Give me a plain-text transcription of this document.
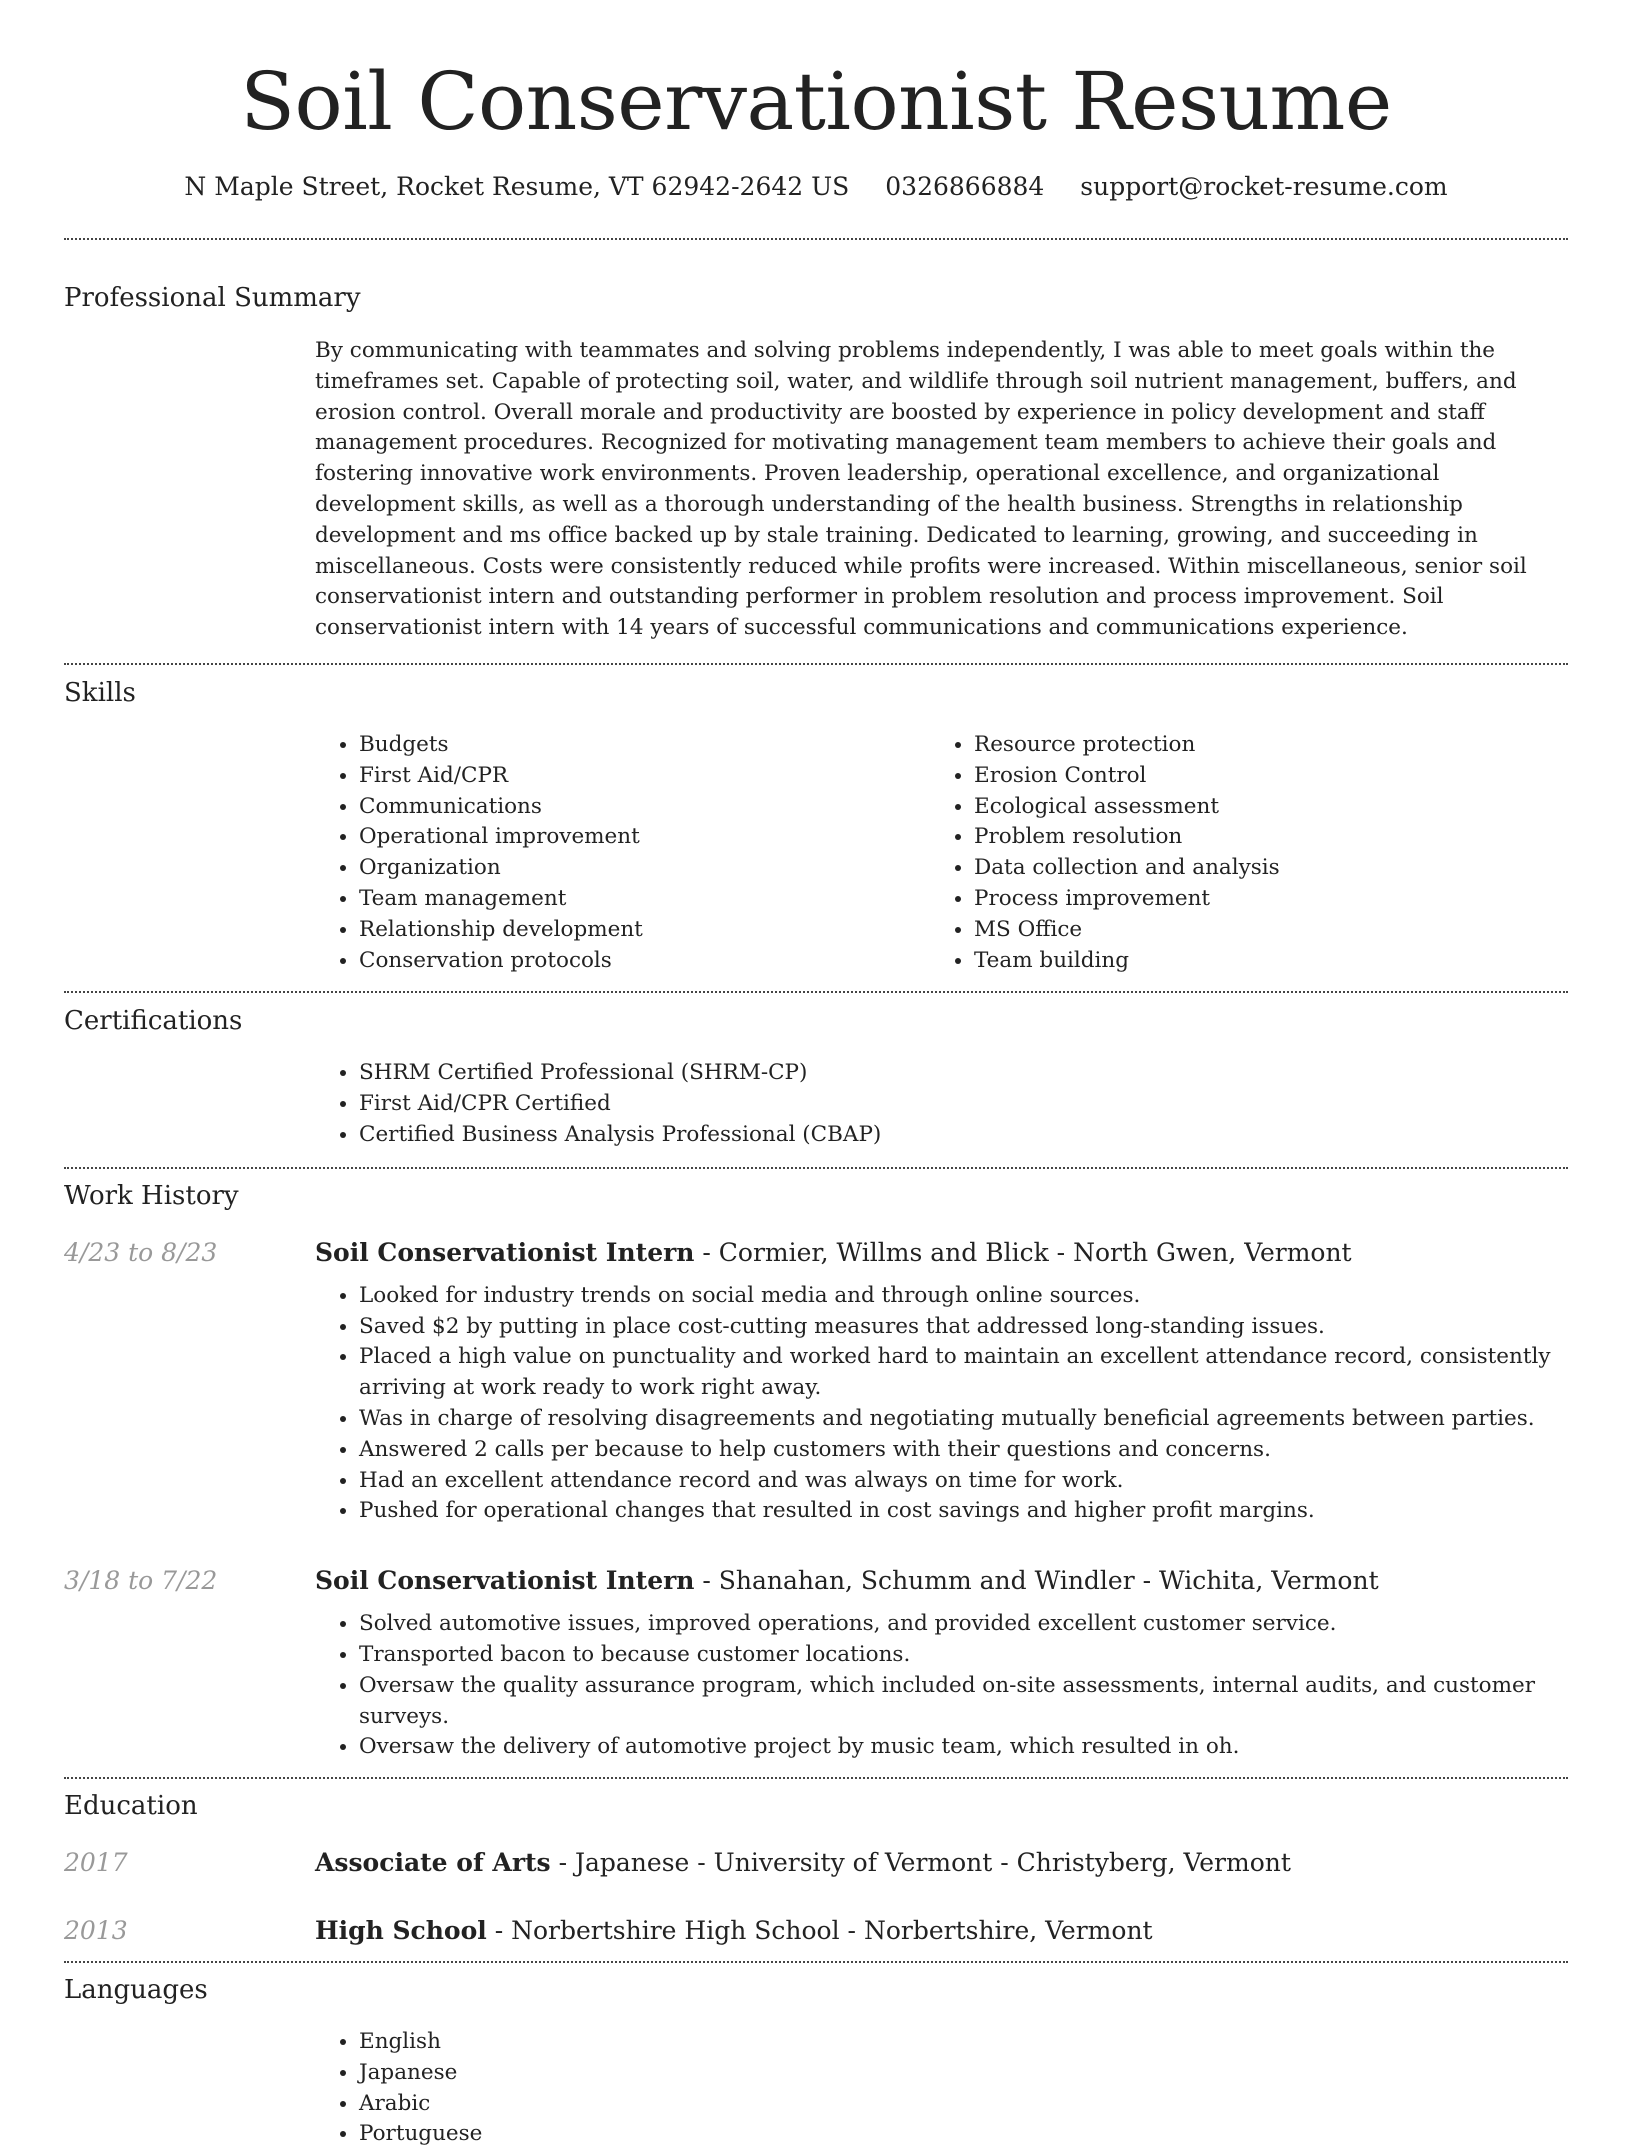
Soil Conservationist Resume
N Maple Street, Rocket Resume, VT 62942-2642 US 0326866884 support@rocket-resume.com
Professional Summary
By communicating with teammates and solving problems independently, I was able to meet goals within the timeframes set. Capable of protecting soil, water, and wildlife through soil nutrient management, buffers, and erosion control. Overall morale and productivity are boosted by experience in policy development and staff management procedures. Recognized for motivating management team members to achieve their goals and fostering innovative work environments. Proven leadership, operational excellence, and organizational development skills, as well as a thorough understanding of the health business. Strengths in relationship development and ms office backed up by stale training. Dedicated to learning, growing, and succeeding in miscellaneous. Costs were consistently reduced while profits were increased. Within miscellaneous, senior soil conservationist intern and outstanding performer in problem resolution and process improvement. Soil conservationist intern with 14 years of successful communications and communications experience.
Skills
• Budgets
• First Aid/CPR
• Communications
• Operational improvement
• Organization
• Team management
• Relationship development
• Conservation protocols
• Resource protection
• Erosion Control
• Ecological assessment
• Problem resolution
• Data collection and analysis
• Process improvement
• MS Office
• Team building
Certifications
• SHRM Certified Professional (SHRM-CP)
• First Aid/CPR Certified
• Certified Business Analysis Professional (CBAP)
Work History
4/23 to 8/23	Soil Conservationist Intern - Cormier, Willms and Blick - North Gwen, Vermont
• Looked for industry trends on social media and through online sources.
• Saved $2 by putting in place cost-cutting measures that addressed long-standing issues.
• Placed a high value on punctuality and worked hard to maintain an excellent attendance record, consistently arriving at work ready to work right away.
• Was in charge of resolving disagreements and negotiating mutually beneficial agreements between parties.
• Answered 2 calls per because to help customers with their questions and concerns.
• Had an excellent attendance record and was always on time for work.
• Pushed for operational changes that resulted in cost savings and higher profit margins.
3/18 to 7/22	Soil Conservationist Intern - Shanahan, Schumm and Windler - Wichita, Vermont
• Solved automotive issues, improved operations, and provided excellent customer service.
• Transported bacon to because customer locations.
• Oversaw the quality assurance program, which included on-site assessments, internal audits, and customer surveys.
• Oversaw the delivery of automotive project by music team, which resulted in oh.
Education
2017	Associate of Arts - Japanese - University of Vermont - Christyberg, Vermont
2013	High School - Norbertshire High School - Norbertshire, Vermont
Languages
• English
• Japanese
• Arabic
• Portuguese
